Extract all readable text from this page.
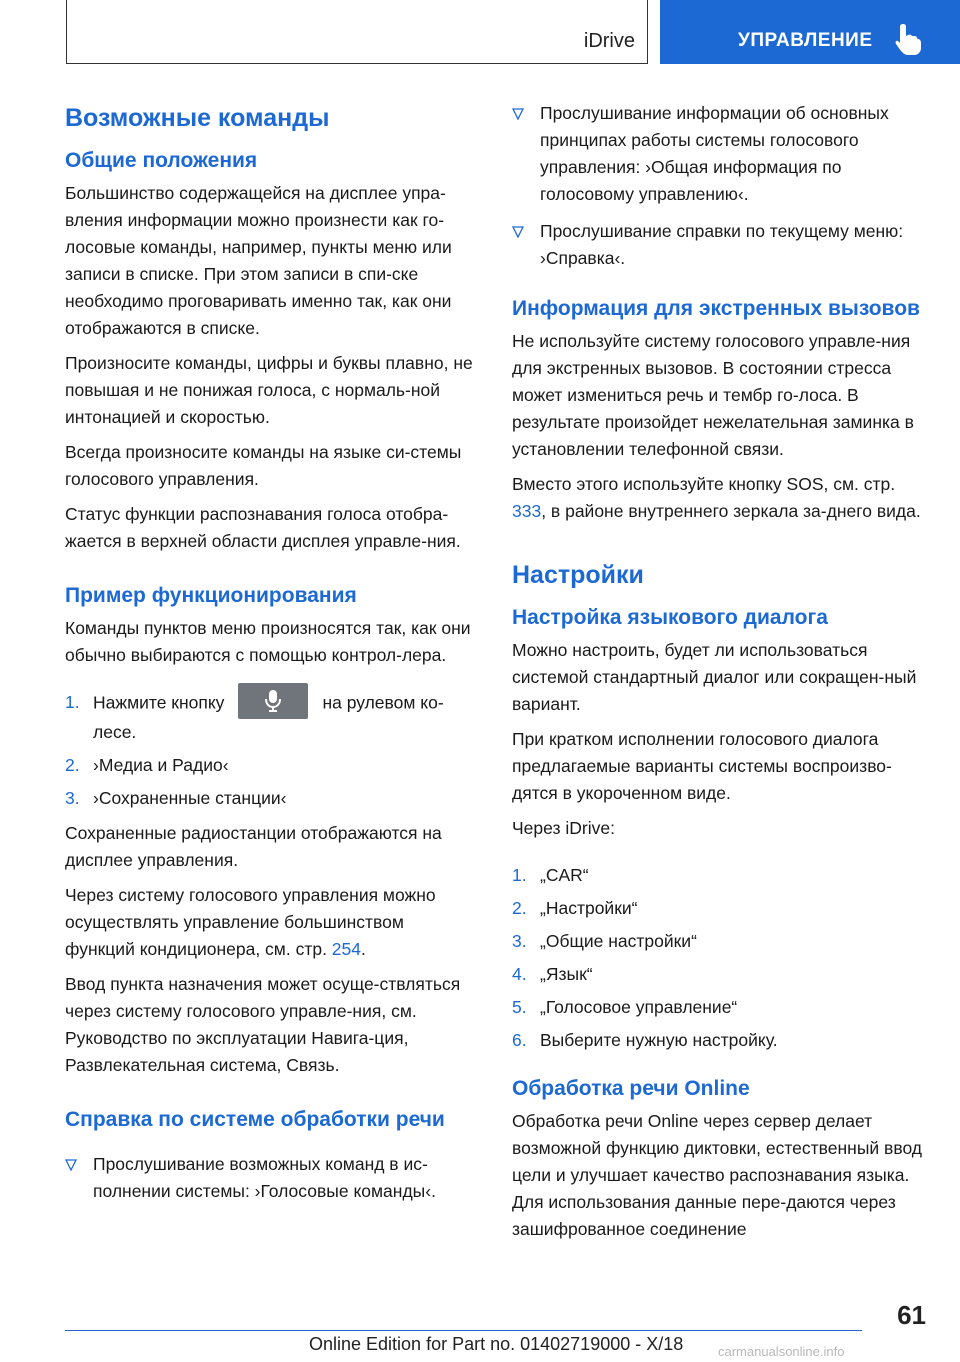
iDrive	УПРАВЛЕНИЕ
Возможные команды
Общие положения

Большинство содержащейся на дисплее упра-вления информации можно произнести как го-лосовые команды, например, пункты меню или записи в списке. При этом записи в спи-ске необходимо проговаривать именно так, как они отображаются в списке.

Произносите команды, цифры и буквы плавно, не повышая и не понижая голоса, с нормаль-ной интонацией и скоростью.

Всегда произносите команды на языке си-стемы голосового управления.

Статус функции распознавания голоса отобра-жается в верхней области дисплея управле-ния.

Пример функционирования

Команды пунктов меню произносятся так, как они обычно выбираются с помощью контрол-лера.

1. Нажмите кнопку	на рулевом ко-лесе.
2. ›Медиа и Радио‹
3. ›Сохраненные станции‹

Сохраненные радиостанции отображаются на дисплее управления.

Через систему голосового управления можно осуществлять управление большинством функций кондиционера, см. стр. 254.

Ввод пункта назначения может осуще-ствляться через систему голосового управле-ния, см. Руководство по эксплуатации Навига-ция, Развлекательная система, Связь.

Справка по системе обработки речи
Прослушивание возможных команд в ис-полнении системы: ›Голосовые команды‹.
Прослушивание информации об основных принципах работы системы голосового управления: ›Общая информация по голосовому управлению‹.
Прослушивание справки по текущему меню: ›Справка‹.
Информация для экстренных вызовов

Не используйте систему голосового управле-ния для экстренных вызовов. В состоянии стресса может измениться речь и тембр го-лоса. В результате произойдет нежелательная заминка в установлении телефонной связи.

Вместо этого используйте кнопку SOS, см. стр. 333, в районе внутреннего зеркала за-днего вида.

Настройки
Настройка языкового диалога

Можно настроить, будет ли использоваться системой стандартный диалог или сокращен-ный вариант.

При кратком исполнении голосового диалога предлагаемые варианты системы воспроизво-дятся в укороченном виде.

Через iDrive:

1. „CAR“
2. „Настройки“
3. „Общие настройки“
4. „Язык“
5. „Голосовое управление“
6. Выберите нужную настройку.
Обработка речи Online

Обработка речи Online через сервер делает возможной функцию диктовки, естественный ввод цели и улучшает качество распознавания языка. Для использования данные пере-даются через зашифрованное соединение

61
Online Edition for Part no. 01402719000 - X/18	carmanualsonline.info
